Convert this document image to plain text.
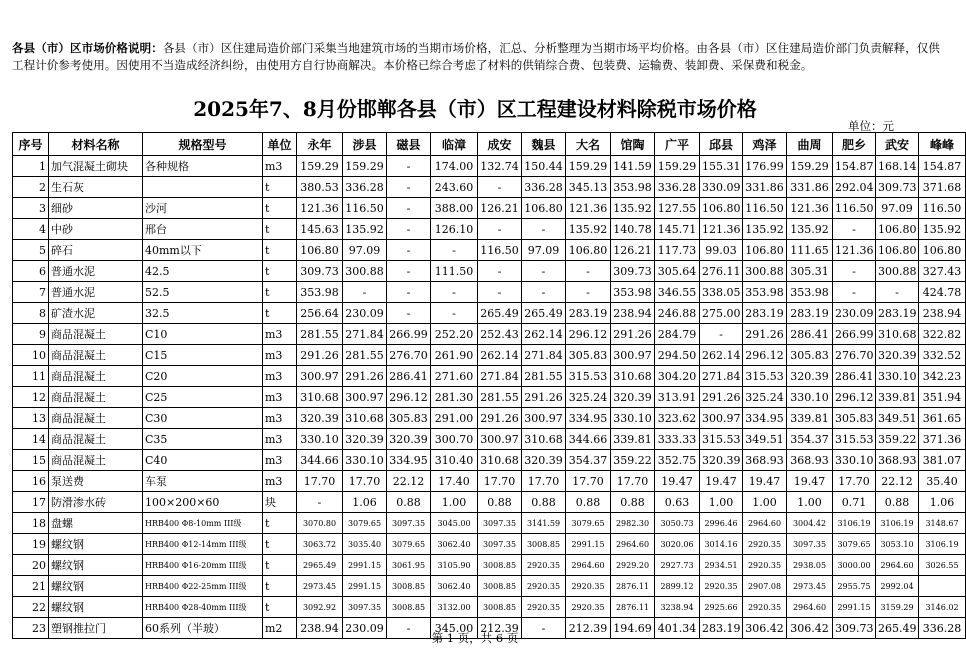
各县（市）区市场价格说明：各县（市）区住建局造价部门采集当地建筑市场的当期市场价格，汇总、分析整理为当期市场平均价格。由各县（市）区住建局造价部门负责解释，仅供工程计价参考使用。因使用不当造成经济纠纷，由使用方自行协商解决。本价格已综合考虑了材料的供销综合费、包装费、运输费、装卸费、采保费和税金。
2025年7、8月份邯郸各县（市）区工程建设材料除税市场价格
单位：元
序号	材料名称	规格型号	单位	永年	涉县	磁县	临漳	成安	魏县	大名	馆陶	广平	邱县	鸡泽	曲周	肥乡	武安	峰峰
1	加气混凝土砌块	各种规格	m3	159.29	159.29	-	174.00	132.74	150.44	159.29	141.59	159.29	155.31	176.99	159.29	154.87	168.14	154.87
2	生石灰		t	380.53	336.28	-	243.60	-	336.28	345.13	353.98	336.28	330.09	331.86	331.86	292.04	309.73	371.68
3	细砂	沙河	t	121.36	116.50	-	388.00	126.21	106.80	121.36	135.92	127.55	106.80	116.50	121.36	116.50	97.09	116.50
4	中砂	邢台	t	145.63	135.92	-	126.10	-	-	135.92	140.78	145.71	121.36	135.92	135.92	-	106.80	135.92
5	碎石	40mm以下	t	106.80	97.09	-	-	116.50	97.09	106.80	126.21	117.73	99.03	106.80	111.65	121.36	106.80	106.80
6	普通水泥	42.5	t	309.73	300.88	-	111.50	-	-	-	309.73	305.64	276.11	300.88	305.31	-	300.88	327.43
7	普通水泥	52.5	t	353.98	-	-	-	-	-	-	353.98	346.55	338.05	353.98	353.98	-	-	424.78
8	矿渣水泥	32.5	t	256.64	230.09	-	-	265.49	265.49	283.19	238.94	246.88	275.00	283.19	283.19	230.09	283.19	238.94
9	商品混凝土	C10	m3	281.55	271.84	266.99	252.20	252.43	262.14	296.12	291.26	284.79	-	291.26	286.41	266.99	310.68	322.82
10	商品混凝土	C15	m3	291.26	281.55	276.70	261.90	262.14	271.84	305.83	300.97	294.50	262.14	296.12	305.83	276.70	320.39	332.52
11	商品混凝土	C20	m3	300.97	291.26	286.41	271.60	271.84	281.55	315.53	310.68	304.20	271.84	315.53	320.39	286.41	330.10	342.23
12	商品混凝土	C25	m3	310.68	300.97	296.12	281.30	281.55	291.26	325.24	320.39	313.91	291.26	325.24	330.10	296.12	339.81	351.94
13	商品混凝土	C30	m3	320.39	310.68	305.83	291.00	291.26	300.97	334.95	330.10	323.62	300.97	334.95	339.81	305.83	349.51	361.65
14	商品混凝土	C35	m3	330.10	320.39	320.39	300.70	300.97	310.68	344.66	339.81	333.33	315.53	349.51	354.37	315.53	359.22	371.36
15	商品混凝土	C40	m3	344.66	330.10	334.95	310.40	310.68	320.39	354.37	359.22	352.75	320.39	368.93	368.93	330.10	368.93	381.07
16	泵送费	车泵	m3	17.70	17.70	22.12	17.40	17.70	17.70	17.70	17.70	19.47	19.47	19.47	19.47	17.70	22.12	35.40
17	防滑渗水砖	100×200×60	块	-	1.06	0.88	1.00	0.88	0.88	0.88	0.88	0.63	1.00	1.00	1.00	0.71	0.88	1.06
18	盘螺	HRB400 Φ8-10mm III级	t	3070.80	3079.65	3097.35	3045.00	3097.35	3141.59	3079.65	2982.30	3050.73	2996.46	2964.60	3004.42	3106.19	3106.19	3148.67
19	螺纹钢	HRB400 Φ12-14mm III级	t	3063.72	3035.40	3079.65	3062.40	3097.35	3008.85	2991.15	2964.60	3020.06	3014.16	2920.35	3097.35	3079.65	3053.10	3106.19
20	螺纹钢	HRB400 Φ16-20mm III级	t	2965.49	2991.15	3061.95	3105.90	3008.85	2920.35	2964.60	2929.20	2927.73	2934.51	2920.35	2938.05	3000.00	2964.60	3026.55
21	螺纹钢	HRB400 Φ22-25mm III级	t	2973.45	2991.15	3008.85	3062.40	3008.85	2920.35	2920.35	2876.11	2899.12	2920.35	2907.08	2973.45	2955.75	2992.04	
22	螺纹钢	HRB400 Φ28-40mm III级	t	3092.92	3097.35	3008.85	3132.00	3008.85	2920.35	2920.35	2876.11	3238.94	2925.66	2920.35	2964.60	2991.15	3159.29	3146.02
23	塑钢推拉门	60系列（半玻）	m2	238.94	230.09	-	345.00	212.39	-	212.39	194.69	401.34	283.19	306.42	306.42	309.73	265.49	336.28
第 1 页，共 6 页
